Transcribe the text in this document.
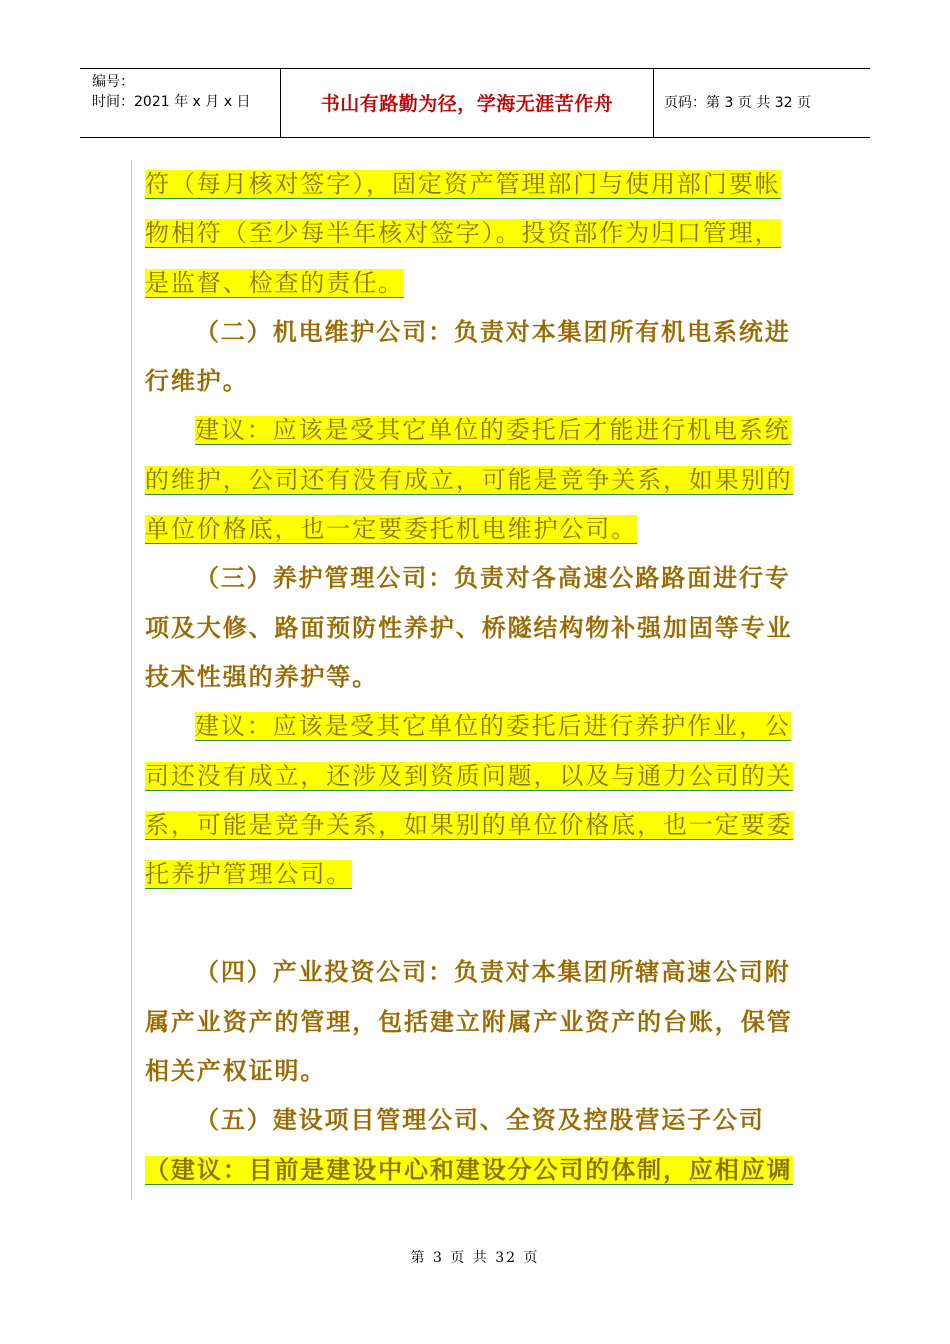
编号：
时间：2021 年 x 月 x 日	书山有路勤为径，学海无涯苦作舟	页码：第 3 页 共 32 页

符（每月核对签字），固定资产管理部门与使用部门要帐
物相符（至少每半年核对签字）。投资部作为归口管理，
是监督、检查的责任。

（二）机电维护公司：负责对本集团所有机电系统进
行维护。

建议：应该是受其它单位的委托后才能进行机电系统
的维护，公司还有没有成立，可能是竞争关系，如果别的
单位价格底，也一定要委托机电维护公司。

（三）养护管理公司：负责对各高速公路路面进行专
项及大修、路面预防性养护、桥隧结构物补强加固等专业
技术性强的养护等。

建议：应该是受其它单位的委托后进行养护作业，公
司还没有成立，还涉及到资质问题，以及与通力公司的关
系，可能是竞争关系，如果别的单位价格底，也一定要委
托养护管理公司。

（四）产业投资公司：负责对本集团所辖高速公司附
属产业资产的管理，包括建立附属产业资产的台账，保管
相关产权证明。

（五）建设项目管理公司、全资及控股营运子公司

（建议：目前是建设中心和建设分公司的体制，应相应调

第 3 页 共 32 页
